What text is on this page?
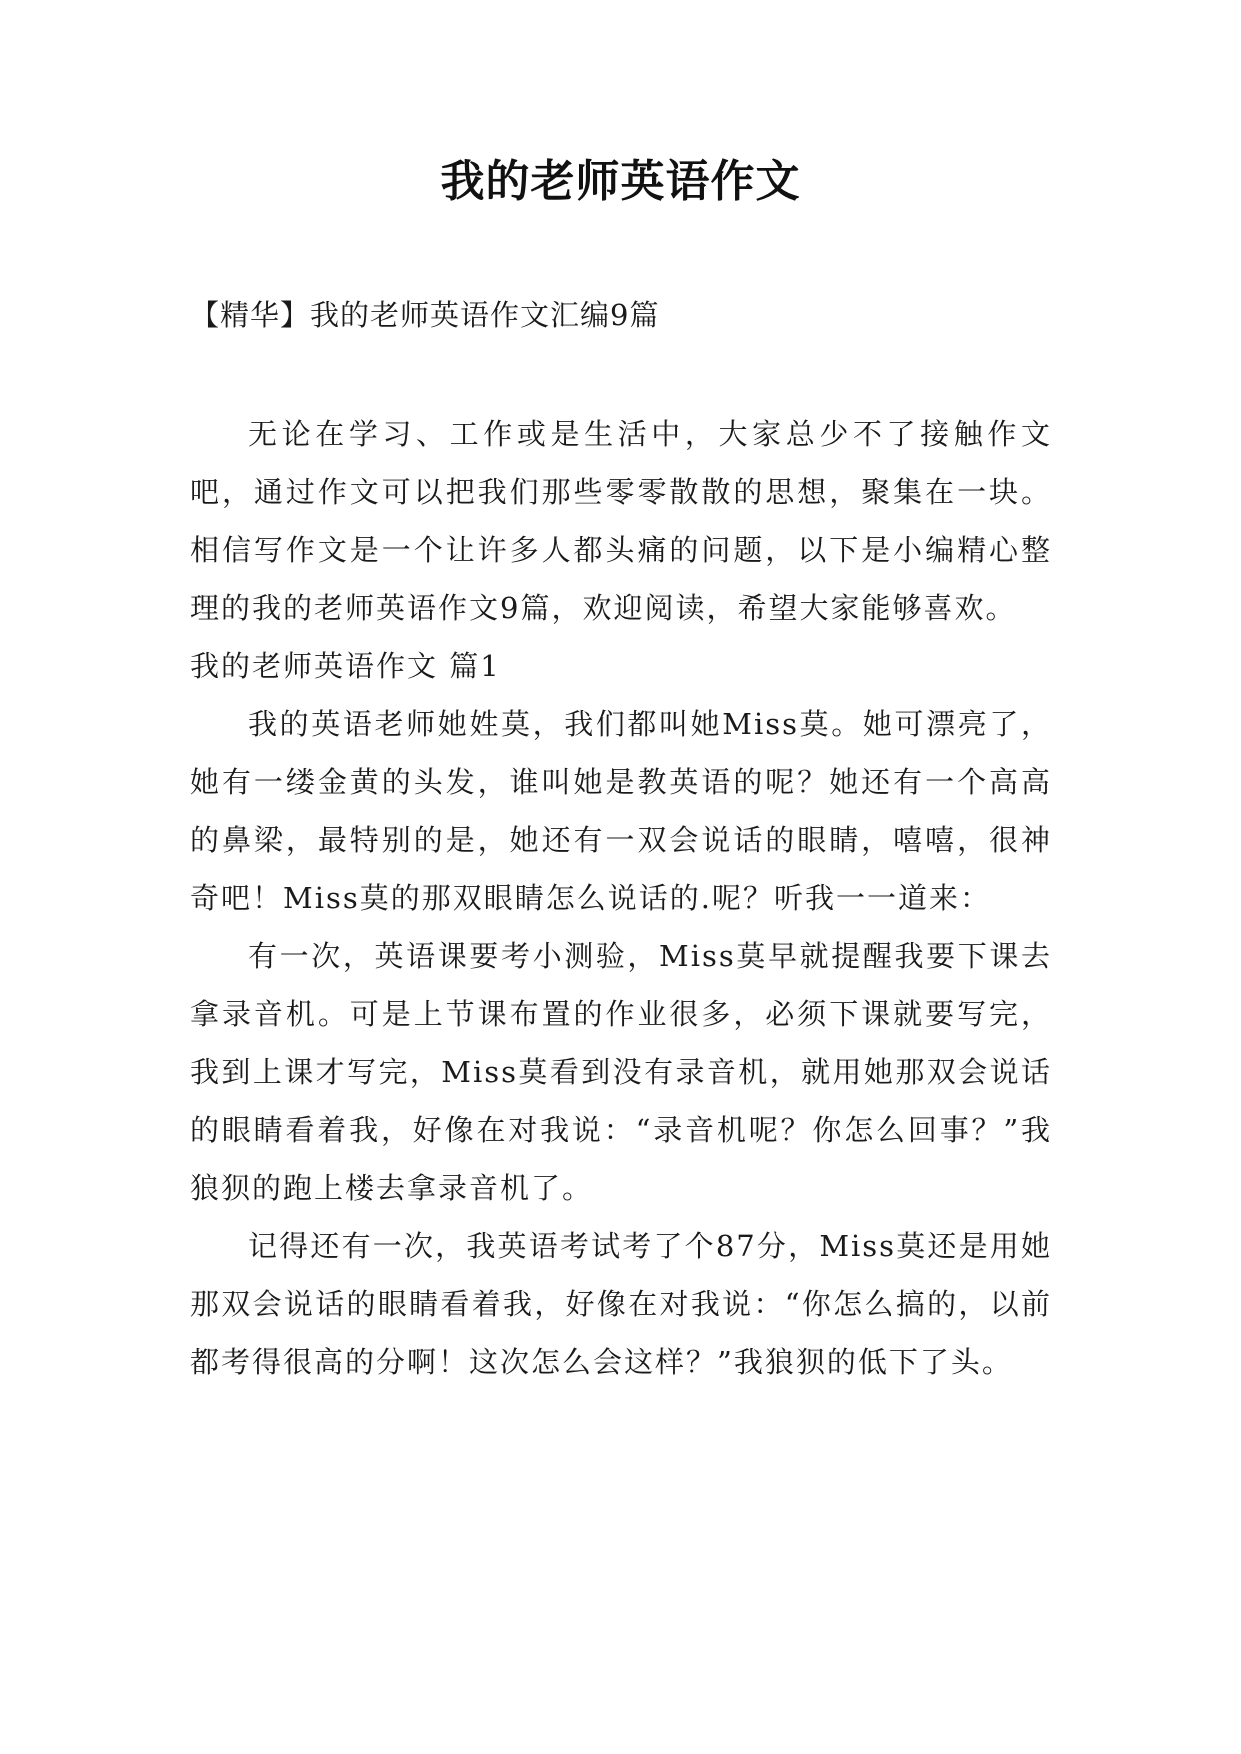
我的老师英语作文
【精华】我的老师英语作文汇编9篇

无论在学习、工作或是生活中，大家总少不了接触作文吧，通过作文可以把我们那些零零散散的思想，聚集在一块。相信写作文是一个让许多人都头痛的问题，以下是小编精心整理的我的老师英语作文9篇，欢迎阅读，希望大家能够喜欢。

我的老师英语作文 篇1

我的英语老师她姓莫，我们都叫她Miss莫。她可漂亮了，她有一缕金黄的头发，谁叫她是教英语的呢？她还有一个高高的鼻梁，最特别的是，她还有一双会说话的眼睛，嘻嘻，很神奇吧！Miss莫的那双眼睛怎么说话的.呢？听我一一道来：

有一次，英语课要考小测验，Miss莫早就提醒我要下课去拿录音机。可是上节课布置的作业很多，必须下课就要写完，我到上课才写完，Miss莫看到没有录音机，就用她那双会说话的眼睛看着我，好像在对我说：“录音机呢？你怎么回事？”我狼狈的跑上楼去拿录音机了。

记得还有一次，我英语考试考了个87分，Miss莫还是用她那双会说话的眼睛看着我，好像在对我说：“你怎么搞的，以前都考得很高的分啊！这次怎么会这样？”我狼狈的低下了头。
